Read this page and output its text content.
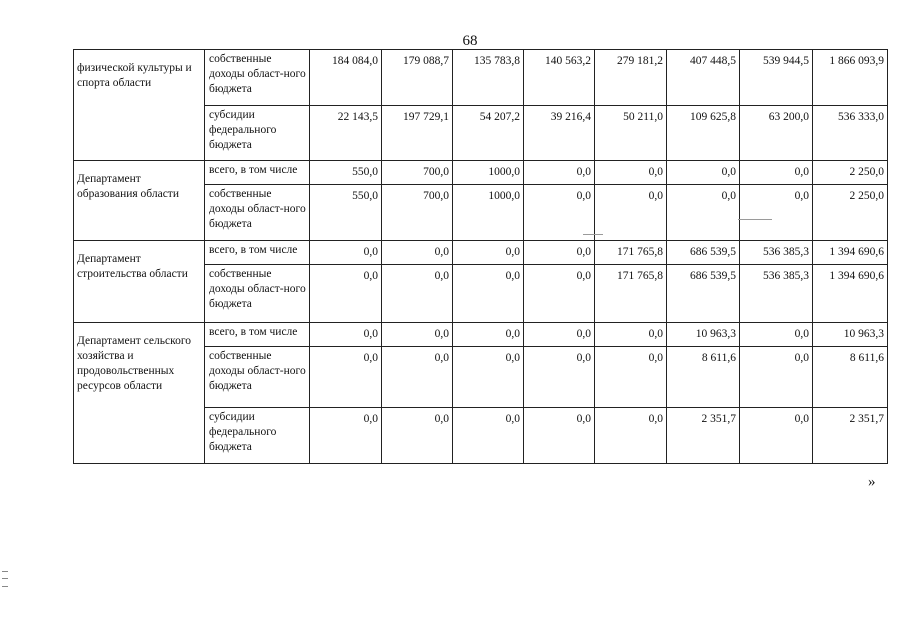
68
физической культуры и спорта области	собственные доходы област-ного бюджета	184 084,0	179 088,7	135 783,8	140 563,2	279 181,2	407 448,5	539 944,5	1 866 093,9
	субсидии федерального бюджета	22 143,5	197 729,1	54 207,2	39 216,4	50 211,0	109 625,8	63 200,0	536 333,0
Департамент образования области	всего, в том числе	550,0	700,0	1000,0	0,0	0,0	0,0	0,0	2 250,0
	собственные доходы област-ного бюджета	550,0	700,0	1000,0	0,0	0,0	0,0	0,0	2 250,0
Департамент строительства области	всего, в том числе	0,0	0,0	0,0	0,0	171 765,8	686 539,5	536 385,3	1 394 690,6
	собственные доходы област-ного бюджета	0,0	0,0	0,0	0,0	171 765,8	686 539,5	536 385,3	1 394 690,6
Департамент сельского хозяйства и продовольственных ресурсов области	всего, в том числе	0,0	0,0	0,0	0,0	0,0	10 963,3	0,0	10 963,3
	собственные доходы област-ного бюджета	0,0	0,0	0,0	0,0	0,0	8 611,6	0,0	8 611,6
	субсидии федерального бюджета	0,0	0,0	0,0	0,0	0,0	2 351,7	0,0	2 351,7
»
